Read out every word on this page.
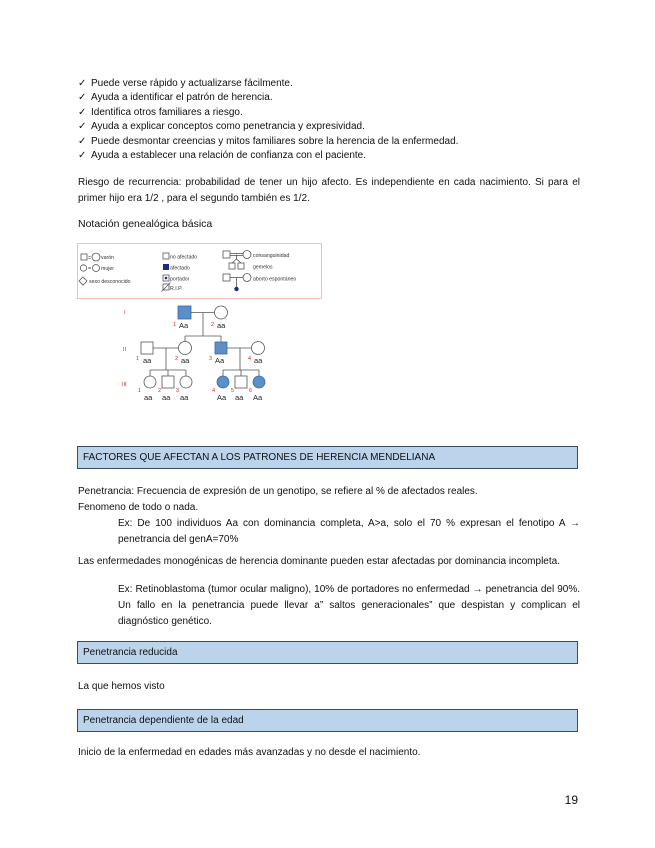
✓ Puede verse rápido y actualizarse fácilmente.
✓ Ayuda a identificar el patrón de herencia.
✓ Identifica otros familiares a riesgo.
✓ Ayuda a explicar conceptos como penetrancia y expresividad.
✓ Puede desmontar creencias y mitos familiares sobre la herencia de la enfermedad.
✓ Ayuda a establecer una relación de confianza con el paciente.

Riesgo de recurrencia: probabilidad de tener un hijo afecto. Es independiente en cada nacimiento. Si para el primer hijo era 1/2 , para el segundo también es 1/2.

Notación genealógica básica
= varón
= mujer
sexo desconocido
no afectado
afectado
portador
R.I.P.
consanguinidad
gemelos
aborto espontáneo
I
II
III
1 Aa	2 aa
1 aa	2 aa	3 Aa	4 aa
1
aa
2
aa
3
aa
4
Aa
5
aa
6
Aa
FACTORES QUE AFECTAN A LOS PATRONES DE HERENCIA MENDELIANA

Penetrancia: Frecuencia de expresión de un genotipo, se refiere al % de afectados reales.

Fenomeno de todo o nada.

Ex: De 100 individuos Aa con dominancia completa, A>a, solo el 70 % expresan el fenotipo A → penetrancia del genA=70%

Las enfermedades monogénicas de herencia dominante pueden estar afectadas por dominancia incompleta.

Ex: Retinoblastoma (tumor ocular maligno), 10% de portadores no enfermedad → penetrancia del 90%. Un fallo en la penetrancia puede llevar a” saltos generacionales” que despistan y complican el diagnóstico genético.

Penetrancia reducida

La que hemos visto

Penetrancia dependiente de la edad

Inicio de la enfermedad en edades más avanzadas y no desde el nacimiento.

19
